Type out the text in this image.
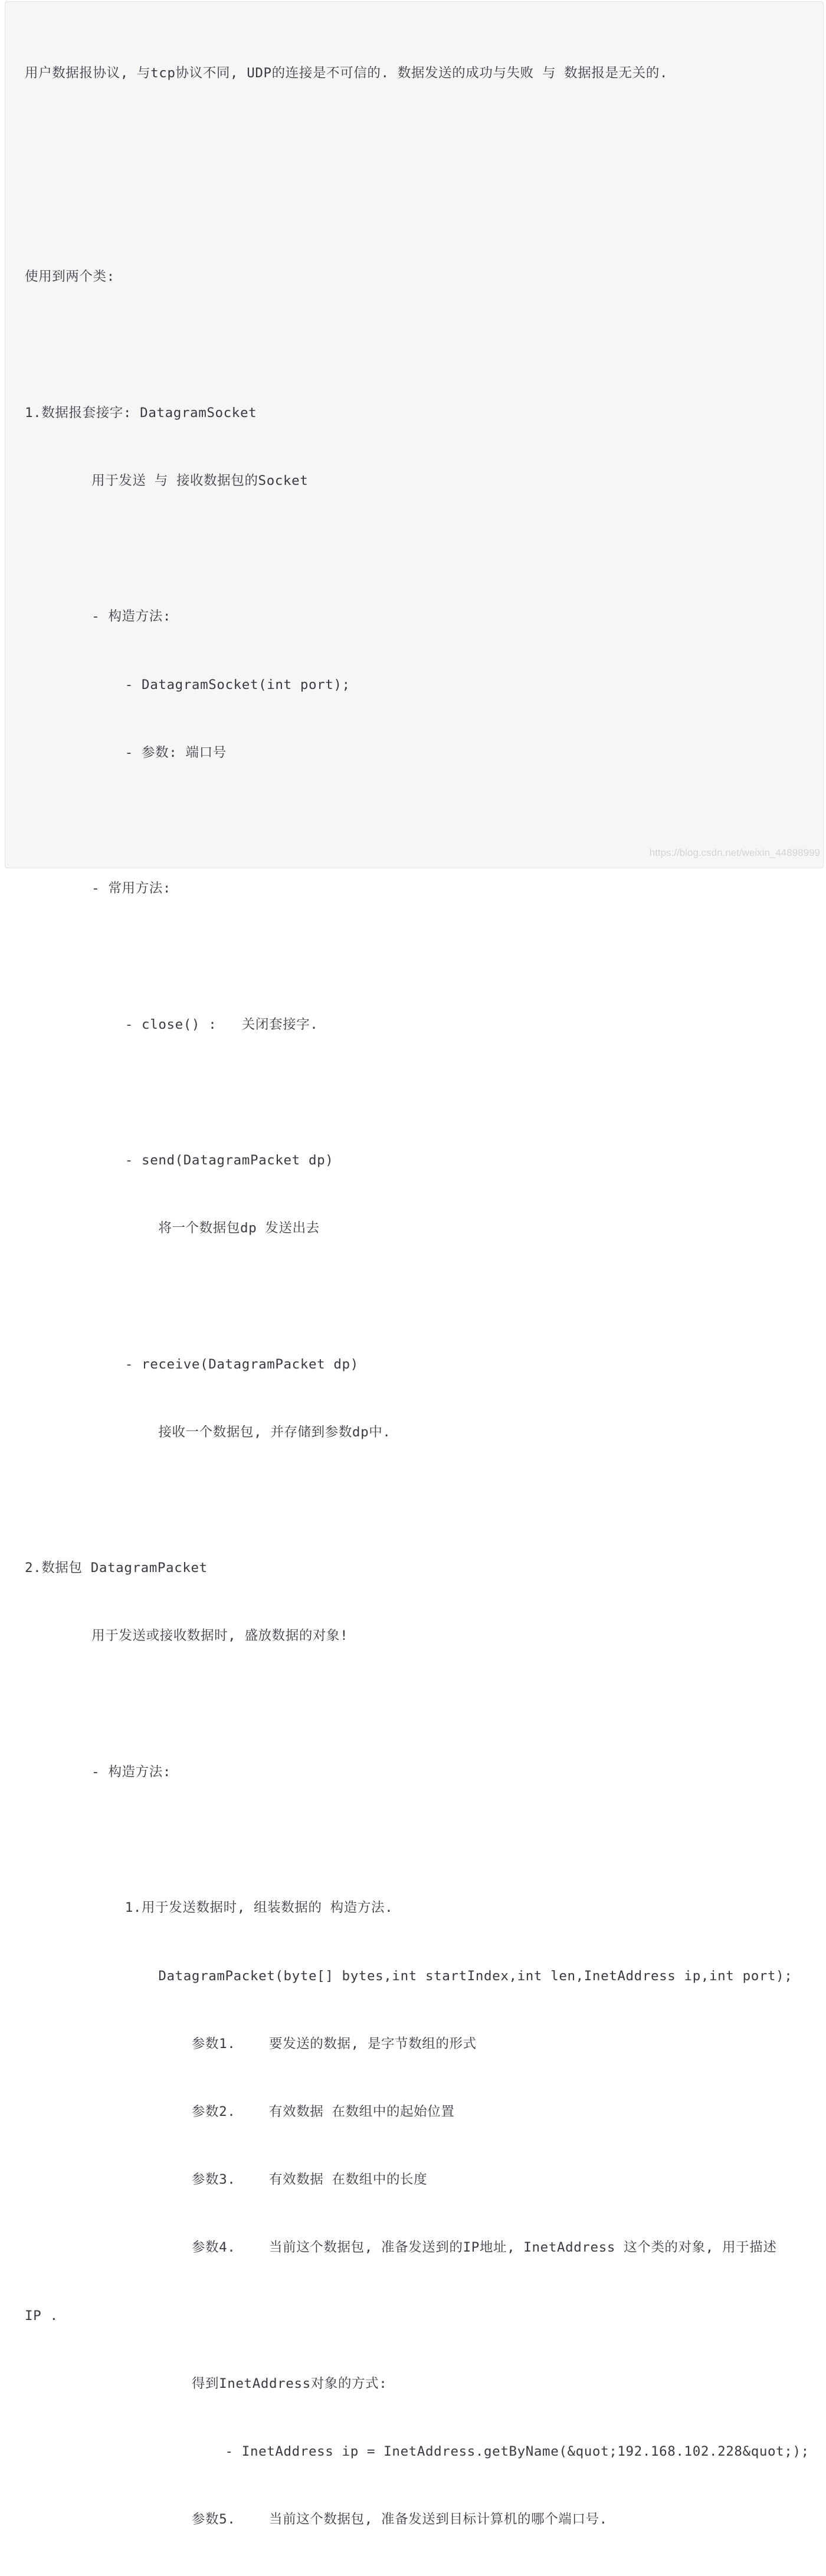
用户数据报协议, 与tcp协议不同, UDP的连接是不可信的. 数据发送的成功与失败 与 数据报是无关的.

使用到两个类:

1.数据报套接字: DatagramSocket

用于发送 与 接收数据包的Socket

- 构造方法:

- DatagramSocket(int port);

- 参数: 端口号

- 常用方法:

- close() :   关闭套接字.

- send(DatagramPacket dp)

将一个数据包dp 发送出去

- receive(DatagramPacket dp)

接收一个数据包, 并存储到参数dp中.

2.数据包 DatagramPacket

用于发送或接收数据时, 盛放数据的对象!

- 构造方法:

1.用于发送数据时, 组装数据的 构造方法.

DatagramPacket(byte[] bytes,int startIndex,int len,InetAddress ip,int port);

参数1.    要发送的数据, 是字节数组的形式

参数2.    有效数据 在数组中的起始位置

参数3.    有效数据 在数组中的长度

参数4.    当前这个数据包, 准备发送到的IP地址, InetAddress 这个类的对象, 用于描述

IP .

得到InetAddress对象的方式:

- InetAddress ip = InetAddress.getByName(&quot;192.168.102.228&quot;);

参数5.    当前这个数据包, 准备发送到目标计算机的哪个端口号.

https://blog.csdn.net/weixin_44898999
